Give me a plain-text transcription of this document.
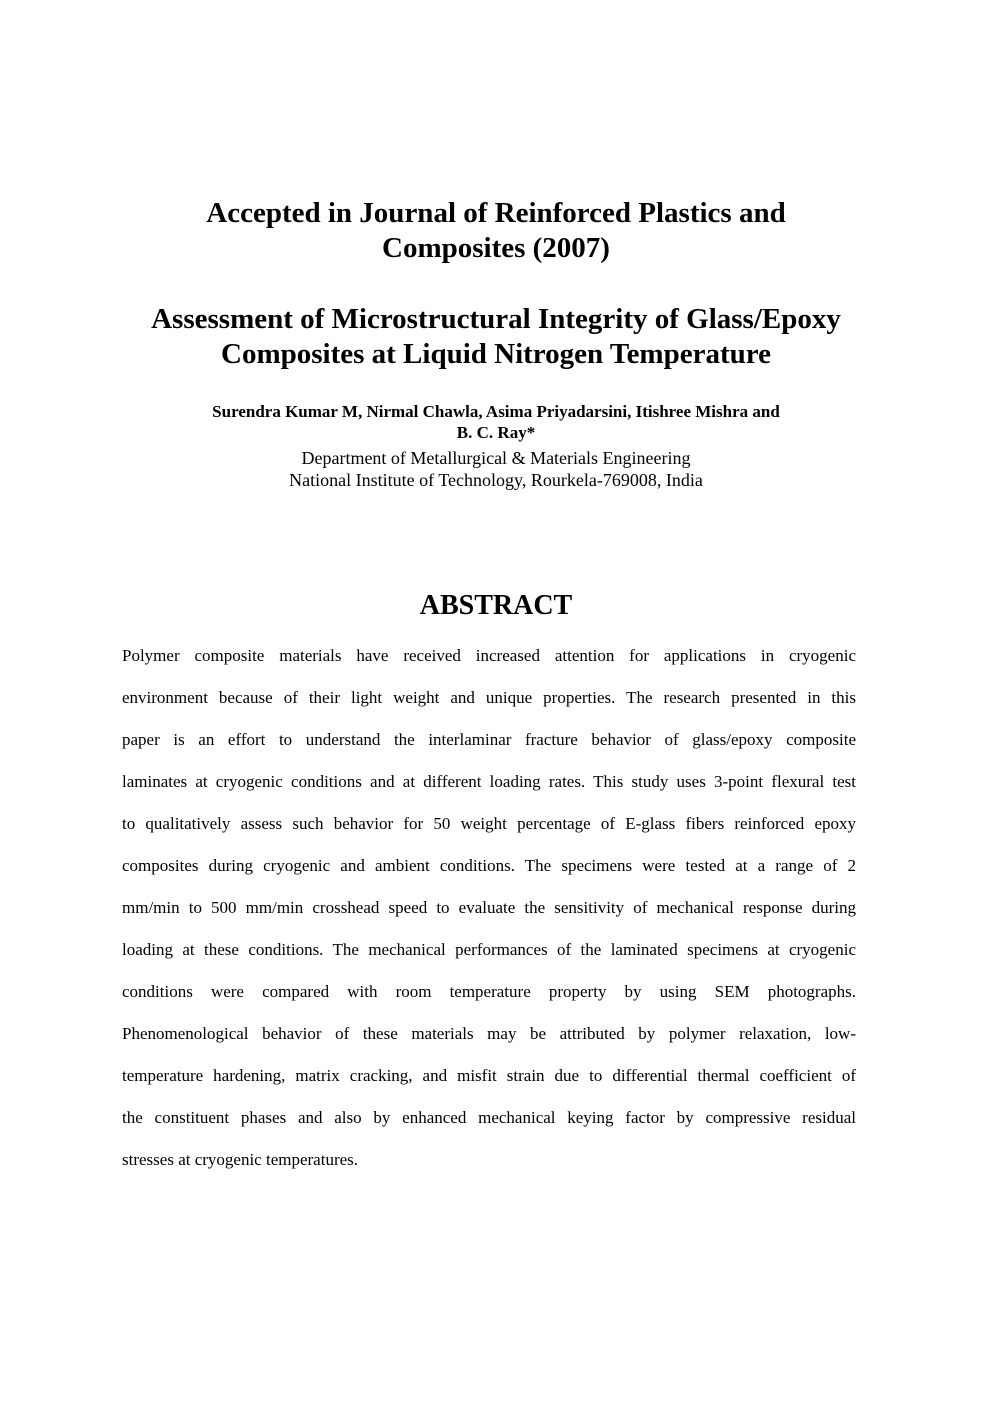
Accepted in Journal of Reinforced Plastics and
Composites (2007)
Assessment of Microstructural Integrity of Glass/Epoxy
Composites at Liquid Nitrogen Temperature
Surendra Kumar M, Nirmal Chawla, Asima Priyadarsini, Itishree Mishra and
B. C. Ray*
Department of Metallurgical & Materials Engineering
National Institute of Technology, Rourkela-769008, India
ABSTRACT
Polymer composite materials have received increased attention for applications in cryogenic
environment because of their light weight and unique properties. The research presented in this
paper is an effort to understand the interlaminar fracture behavior of glass/epoxy composite
laminates at cryogenic conditions and at different loading rates. This study uses 3-point flexural test
to qualitatively assess such behavior for 50 weight percentage of E-glass fibers reinforced epoxy
composites during cryogenic and ambient conditions. The specimens were tested at a range of 2
mm/min to 500 mm/min crosshead speed to evaluate the sensitivity of mechanical response during
loading at these conditions. The mechanical performances of the laminated specimens at cryogenic
conditions were compared with room temperature property by using SEM photographs.
Phenomenological behavior of these materials may be attributed by polymer relaxation, low-
temperature hardening, matrix cracking, and misfit strain due to differential thermal coefficient of
the constituent phases and also by enhanced mechanical keying factor by compressive residual
stresses at cryogenic temperatures.
